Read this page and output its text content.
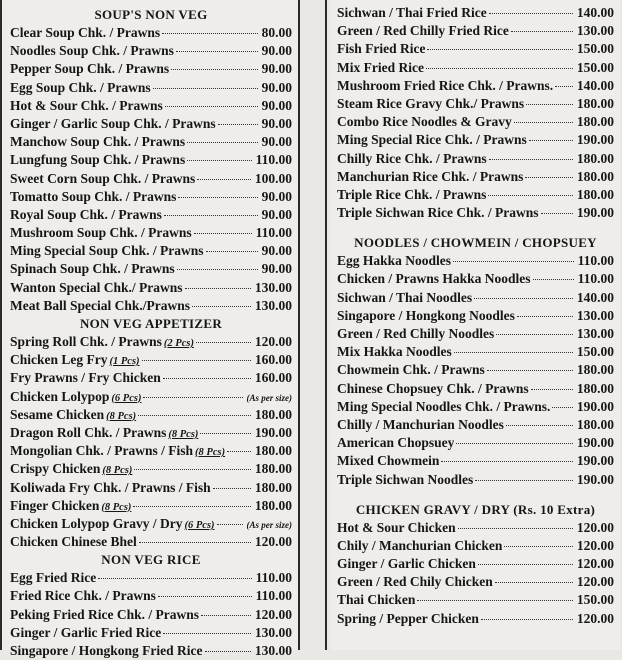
SOUP'S NON VEG
Clear Soup Chk. / Prawns	80.00
Noodles Soup Chk. / Prawns	90.00
Pepper Soup Chk. / Prawns	90.00
Egg Soup Chk. / Prawns	90.00
Hot & Sour Chk. / Prawns	90.00
Ginger / Garlic Soup Chk. / Prawns	90.00
Manchow Soup Chk. / Prawns	90.00
Lungfung Soup Chk. / Prawns	110.00
Sweet Corn Soup Chk. / Prawns	100.00
Tomatto Soup Chk. / Prawns	90.00
Royal Soup Chk. / Prawns	90.00
Mushroom Soup Chk. / Prawns	110.00
Ming Special Soup Chk. / Prawns	90.00
Spinach Soup Chk. / Prawns	90.00
Wanton Special Chk./ Prawns	130.00
Meat Ball Special Chk./Prawns	130.00
NON VEG APPETIZER
Spring Roll Chk. / Prawns (2 Pcs)	120.00
Chicken Leg Fry (1 Pcs)	160.00
Fry Prawns / Fry Chicken	160.00
Chicken Lolypop (6 Pcs)	(As per size)
Sesame Chicken (8 Pcs)	180.00
Dragon Roll Chk. / Prawns (8 Pcs)	190.00
Mongolian Chk. / Prawns / Fish (8 Pcs) 180.00
Crispy Chicken (8 Pcs)	180.00
Koliwada Fry Chk. / Prawns / Fish	180.00
Finger Chicken (8 Pcs)	180.00
Chicken Lolypop Gravy / Dry (6 Pcs)	(As per size)
Chicken Chinese Bhel	120.00
NON VEG RICE
Egg Fried Rice	110.00
Fried Rice Chk. / Prawns	110.00
Peking Fried Rice Chk. / Prawns	120.00
Ginger / Garlic Fried Rice	130.00
Singapore / Hongkong Fried Rice	130.00
Sichwan / Thai Fried Rice	140.00
Green / Red Chilly Fried Rice	130.00
Fish Fried Rice	150.00
Mix Fried Rice	150.00
Mushroom Fried Rice Chk. / Prawns. 140.00
Steam Rice Gravy Chk./ Prawns	180.00
Combo Rice Noodles & Gravy	180.00
Ming Special Rice Chk. / Prawns	190.00
Chilly Rice Chk. / Prawns	180.00
Manchurian Rice Chk. / Prawns	180.00
Triple Rice Chk. / Prawns	180.00
Triple Sichwan Rice Chk. / Prawns	190.00
NOODLES / CHOWMEIN / CHOPSUEY
Egg Hakka Noodles	110.00
Chicken / Prawns Hakka Noodles	110.00
Sichwan / Thai Noodles	140.00
Singapore / Hongkong Noodles	130.00
Green / Red Chilly Noodles	130.00
Mix Hakka Noodles	150.00
Chowmein Chk. / Prawns	180.00
Chinese Chopsuey Chk. / Prawns	180.00
Ming Special Noodles Chk. / Prawns. 190.00
Chilly / Manchurian Noodles	180.00
American Chopsuey	190.00
Mixed Chowmein	190.00
Triple Sichwan Noodles	190.00
CHICKEN GRAVY / DRY (Rs. 10 Extra)
Hot & Sour Chicken	120.00
Chily / Manchurian Chicken	120.00
Ginger / Garlic Chicken	120.00
Green / Red Chily Chicken	120.00
Thai Chicken	150.00
Spring / Pepper Chicken	120.00
